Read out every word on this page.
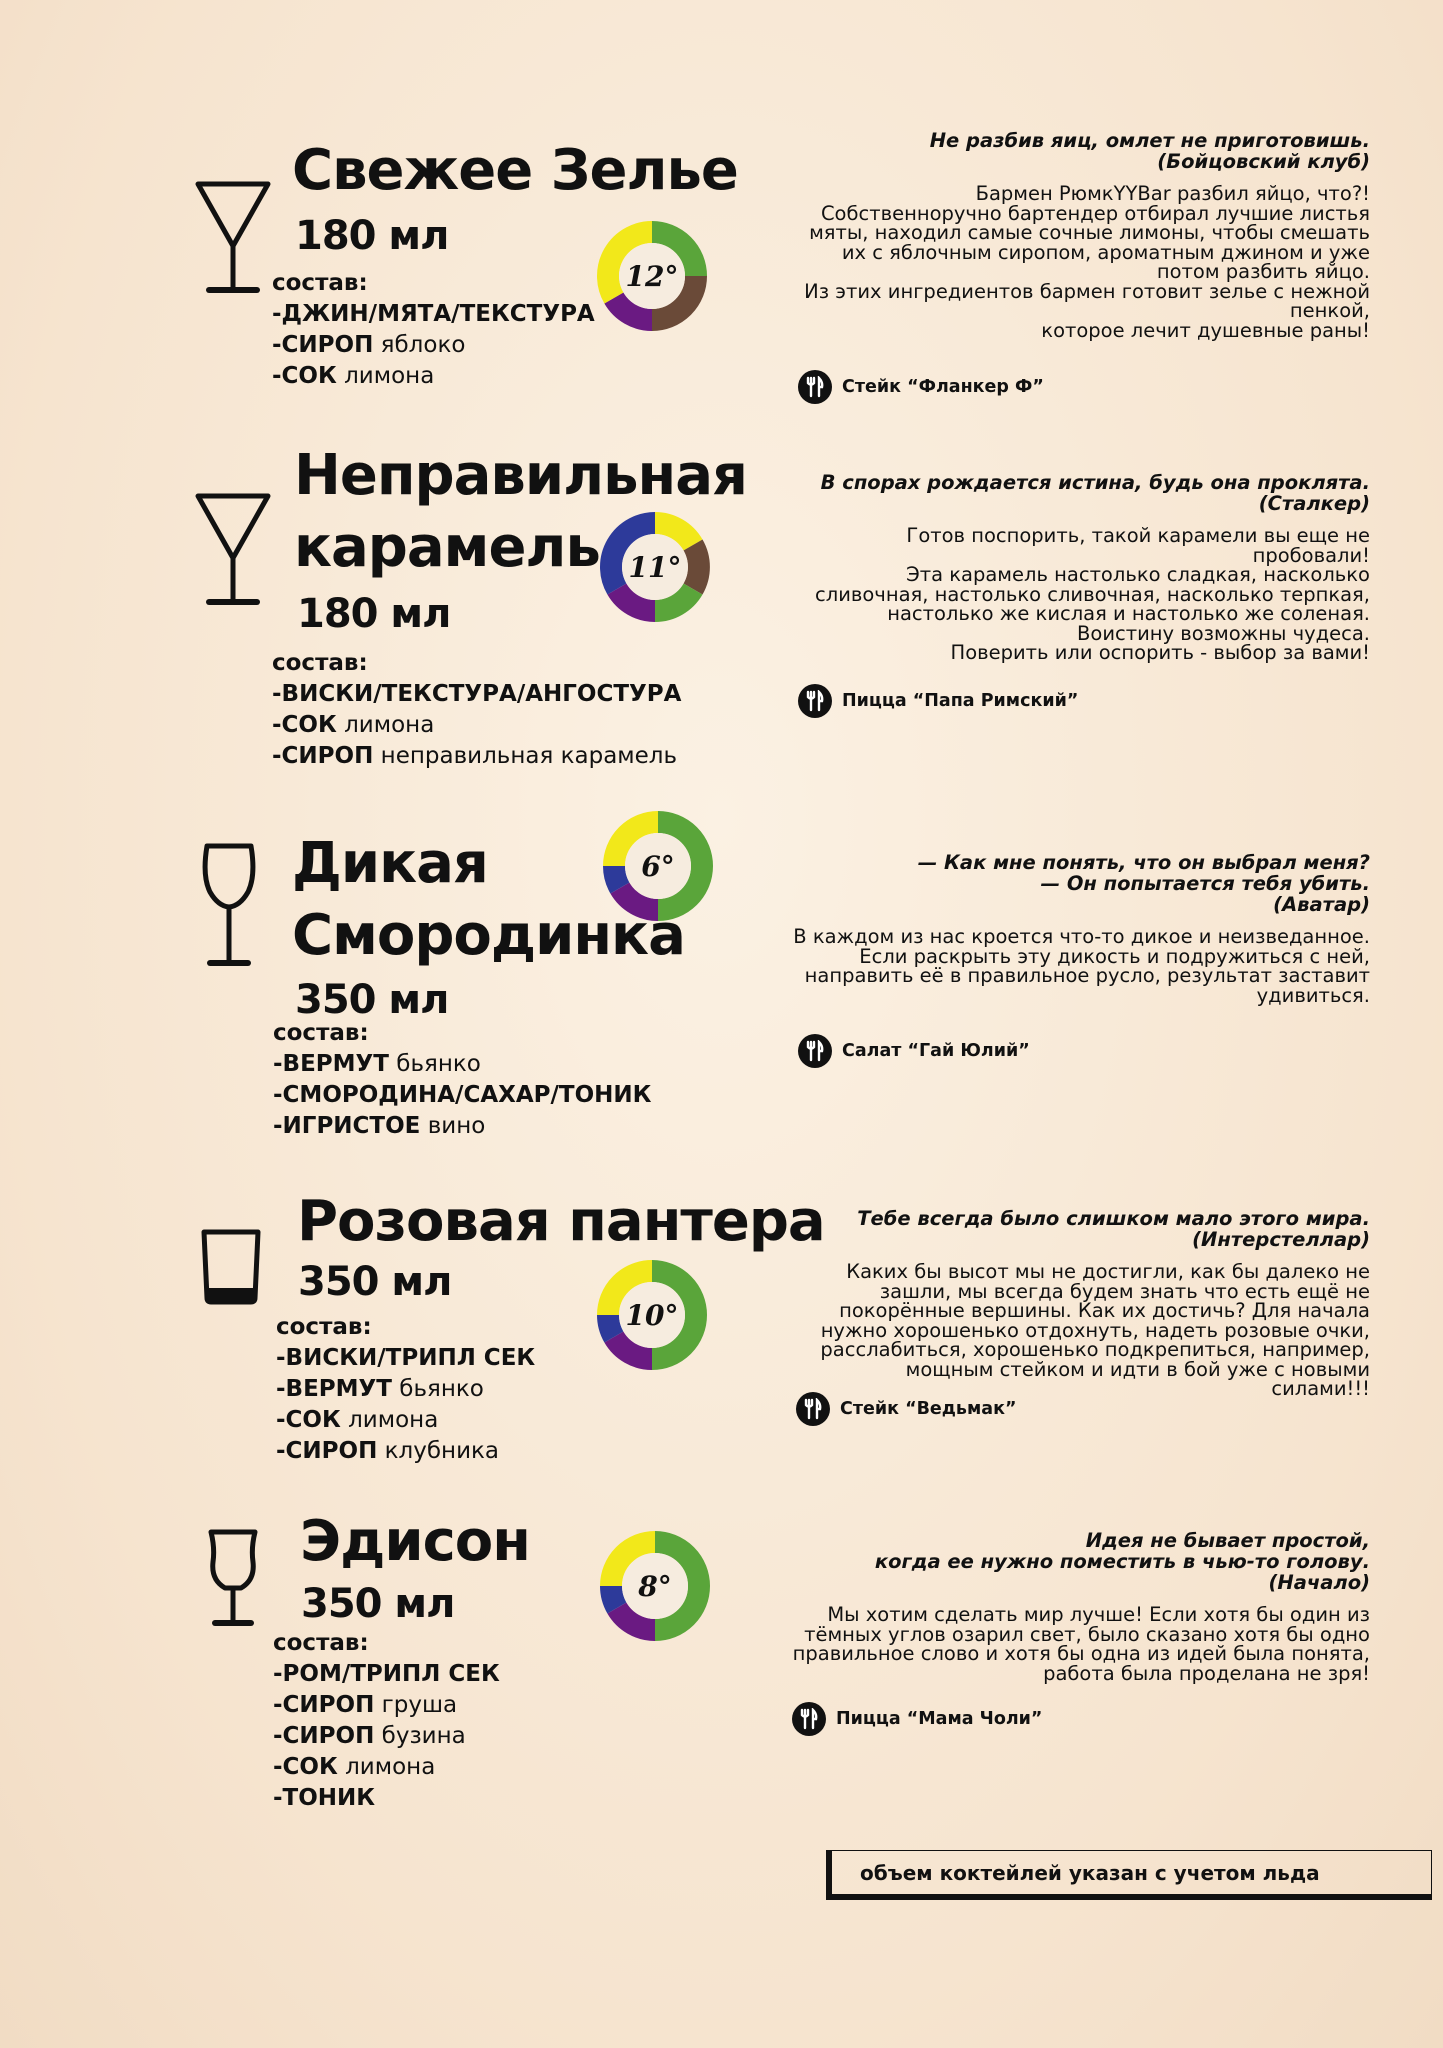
Свежее Зелье
180 мл
состав:
-ДЖИН/МЯТА/ТЕКСТУРА
-СИРОП яблоко
-СОК лимона
12°
Не разбив яиц, омлет не приготовишь.
(Бойцовский клуб)
Бармен РюмкYYBar разбил яйцо, что?!
Собственноручно бартендер отбирал лучшие листья
мяты, находил самые сочные лимоны, чтобы смешать
их с яблочным сиропом, ароматным джином и уже
потом разбить яйцо.
Из этих ингредиентов бармен готовит зелье с нежной
пенкой,
которое лечит душевные раны!
Стейк “Фланкер Ф”
Неправильная
карамель
180 мл
состав:
-ВИСКИ/ТЕКСТУРА/АНГОСТУРА
-СОК лимона
-СИРОП неправильная карамель
11°
В спорах рождается истина, будь она проклята.
(Сталкер)
Готов поспорить, такой карамели вы еще не
пробовали!
Эта карамель настолько сладкая, насколько
сливочная, настолько сливочная, насколько терпкая,
настолько же кислая и настолько же соленая.
Воистину возможны чудеса.
Поверить или оспорить - выбор за вами!
Пицца “Папа Римский”
Дикая
Смородинка
350 мл
состав:
-ВЕРМУТ бьянко
-СМОРОДИНА/САХАР/ТОНИК
-ИГРИСТОЕ вино
6°	— Как мне понять, что он выбрал меня?
— Он попытается тебя убить.
(Аватар)
В каждом из нас кроется что-то дикое и неизведанное.
Если раскрыть эту дикость и подружиться с ней,
направить её в правильное русло, результат заставит
удивиться.
Салат “Гай Юлий”
Розовая пантера
350 мл
состав:
-ВИСКИ/ТРИПЛ СЕК
-ВЕРМУТ бьянко
-СОК лимона
-СИРОП клубника
10°
Тебе всегда было слишком мало этого мира.
(Интерстеллар)
Каких бы высот мы не достигли, как бы далеко не
зашли, мы всегда будем знать что есть ещё не
покорённые вершины. Как их достичь? Для начала
нужно хорошенько отдохнуть, надеть розовые очки,
расслабиться, хорошенько подкрепиться, например,
мощным стейком и идти в бой уже с новыми
силами!!!
Стейк “Ведьмак”
Эдисон
350 мл
состав:
-РОМ/ТРИПЛ СЕК
-СИРОП груша
-СИРОП бузина
-СОК лимона
-ТОНИК
8°
Идея не бывает простой,
когда ее нужно поместить в чью-то голову.
(Начало)
Мы хотим сделать мир лучше! Если хотя бы один из
тёмных углов озарил свет, было сказано хотя бы одно
правильное слово и хотя бы одна из идей была понята,
работа была проделана не зря!
Пицца “Мама Чоли”
объем коктейлей указан с учетом льда
